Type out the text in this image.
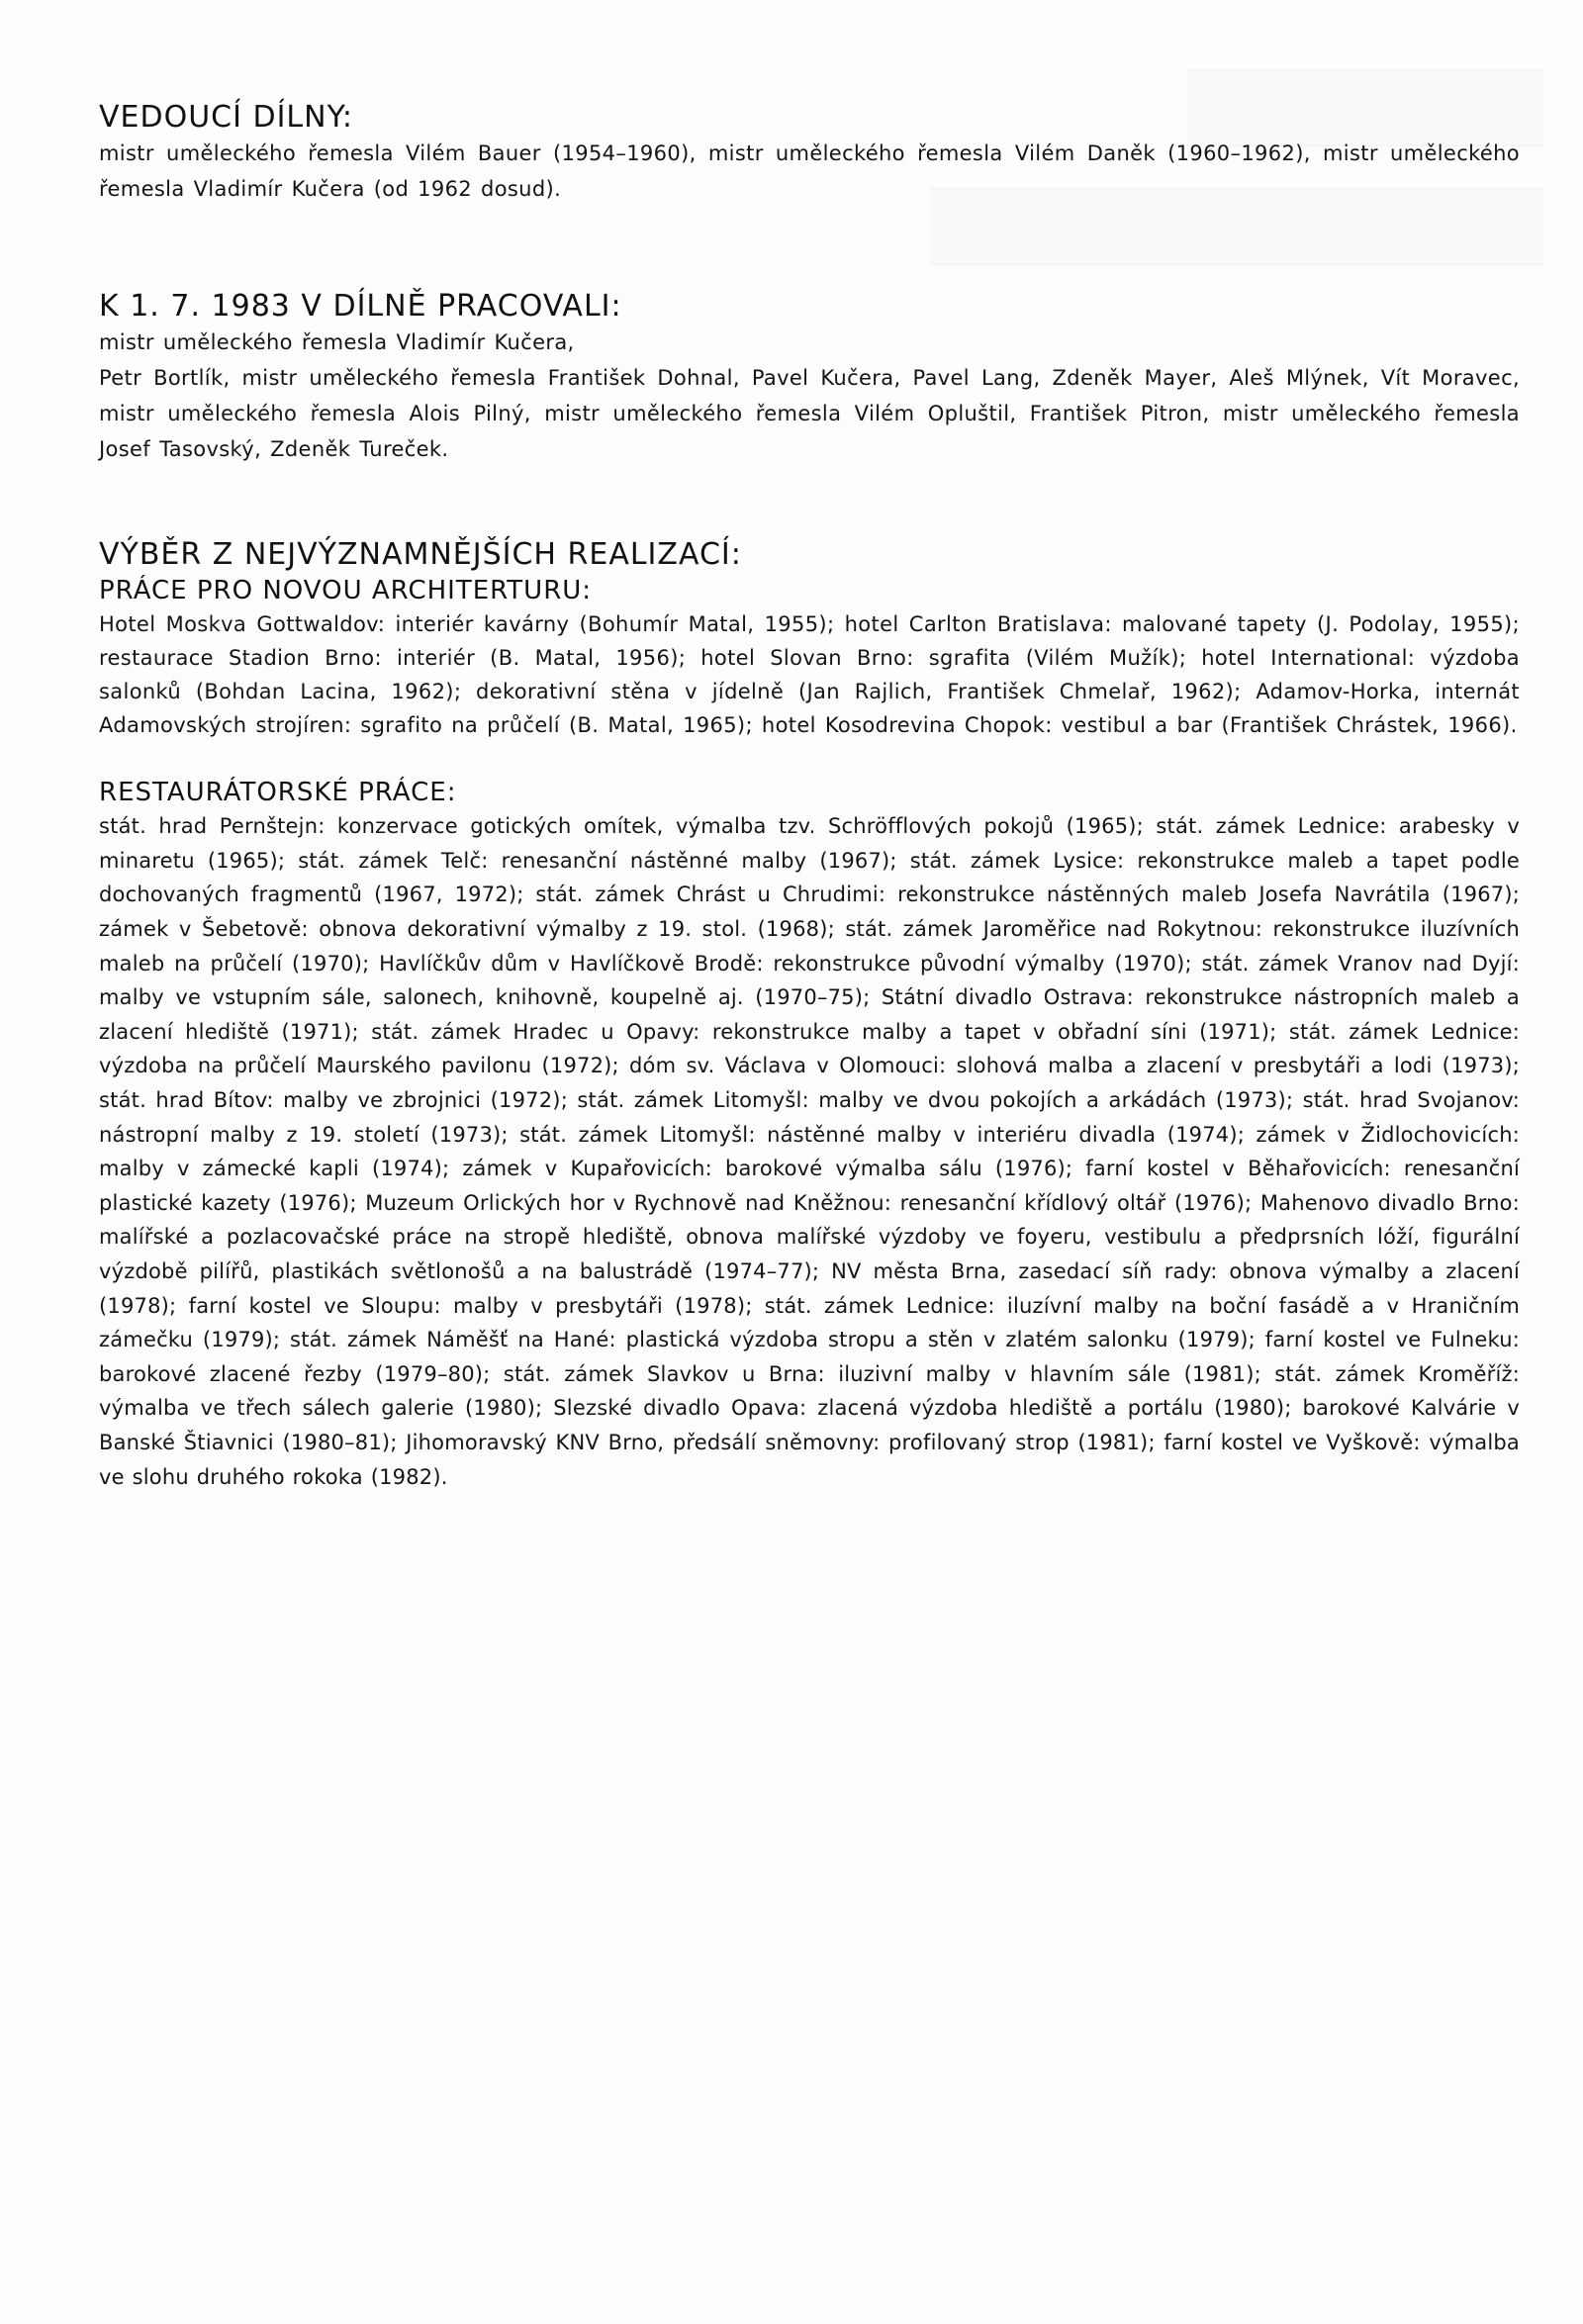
VEDOUCÍ DÍLNY:

mistr uměleckého řemesla Vilém Bauer (1954–1960), mistr uměleckého řemesla Vilém Daněk (1960–1962), mistr uměleckého řemesla Vladimír Kučera (od 1962 dosud).

K 1. 7. 1983 V DÍLNĚ PRACOVALI:

mistr uměleckého řemesla Vladimír Kučera,

Petr Bortlík, mistr uměleckého řemesla František Dohnal, Pavel Kučera, Pavel Lang, Zdeněk Mayer, Aleš Mlýnek, Vít Moravec, mistr uměleckého řemesla Alois Pilný, mistr uměleckého řemesla Vilém Opluštil, František Pitron, mistr uměleckého řemesla Josef Tasovský, Zdeněk Tureček.

VÝBĚR Z NEJVÝZNAMNĚJŠÍCH REALIZACÍ:
PRÁCE PRO NOVOU ARCHITERTURU:

Hotel Moskva Gottwaldov: interiér kavárny (Bohumír Matal, 1955); hotel Carlton Bratislava: malované tapety (J. Podolay, 1955); restaurace Stadion Brno: interiér (B. Matal, 1956); hotel Slovan Brno: sgrafita (Vilém Mužík); hotel International: výzdoba salonků (Bohdan Lacina, 1962); dekorativní stěna v jídelně (Jan Rajlich, František Chmelař, 1962); Adamov-Horka, internát Adamovských strojíren: sgrafito na průčelí (B. Matal, 1965); hotel Kosodrevina Chopok: vestibul a bar (František Chrástek, 1966).

RESTAURÁTORSKÉ PRÁCE:

stát. hrad Pernštejn: konzervace gotických omítek, výmalba tzv. Schröfflových pokojů (1965); stát. zámek Lednice: arabesky v minaretu (1965); stát. zámek Telč: renesanční nástěnné malby (1967); stát. zámek Lysice: rekonstrukce maleb a tapet podle dochovaných fragmentů (1967, 1972); stát. zámek Chrást u Chrudimi: rekonstrukce nástěnných maleb Josefa Navrátila (1967); zámek v Šebetově: obnova dekorativní výmalby z 19. stol. (1968); stát. zámek Jaroměřice nad Rokytnou: rekonstrukce iluzívních maleb na průčelí (1970); Havlíčkův dům v Havlíčkově Brodě: rekonstrukce původní výmalby (1970); stát. zámek Vranov nad Dyjí: malby ve vstupním sále, salonech, knihovně, koupelně aj. (1970–75); Státní divadlo Ostrava: rekonstrukce nástropních maleb a zlacení hlediště (1971); stát. zámek Hradec u Opavy: rekonstrukce malby a tapet v obřadní síni (1971); stát. zámek Lednice: výzdoba na průčelí Maurského pavilonu (1972); dóm sv. Václava v Olomouci: slohová malba a zlacení v presbytáři a lodi (1973); stát. hrad Bítov: malby ve zbrojnici (1972); stát. zámek Litomyšl: malby ve dvou pokojích a arkádách (1973); stát. hrad Svojanov: nástropní malby z 19. století (1973); stát. zámek Litomyšl: nástěnné malby v interiéru divadla (1974); zámek v Židlochovicích: malby v zámecké kapli (1974); zámek v Kupařovicích: barokové výmalba sálu (1976); farní kostel v Běhařovicích: renesanční plastické kazety (1976); Muzeum Orlických hor v Rychnově nad Kněžnou: renesanční křídlový oltář (1976); Mahenovo divadlo Brno: malířské a pozlacovačské práce na stropě hlediště, obnova malířské výzdoby ve foyeru, vestibulu a předprsních lóží, figurální výzdobě pilířů, plastikách světlonošů a na balustrádě (1974–77); NV města Brna, zasedací síň rady: obnova výmalby a zlacení (1978); farní kostel ve Sloupu: malby v presbytáři (1978); stát. zámek Lednice: iluzívní malby na boční fasádě a v Hraničním zámečku (1979); stát. zámek Náměšť na Hané: plastická výzdoba stropu a stěn v zlatém salonku (1979); farní kostel ve Fulneku: barokové zlacené řezby (1979–80); stát. zámek Slavkov u Brna: iluzivní malby v hlavním sále (1981); stát. zámek Kroměříž: výmalba ve třech sálech galerie (1980); Slezské divadlo Opava: zlacená výzdoba hlediště a portálu (1980); barokové Kalvárie v Banské Štiavnici (1980–81); Jihomoravský KNV Brno, předsálí sněmovny: profilovaný strop (1981); farní kostel ve Vyškově: výmalba ve slohu druhého rokoka (1982).
